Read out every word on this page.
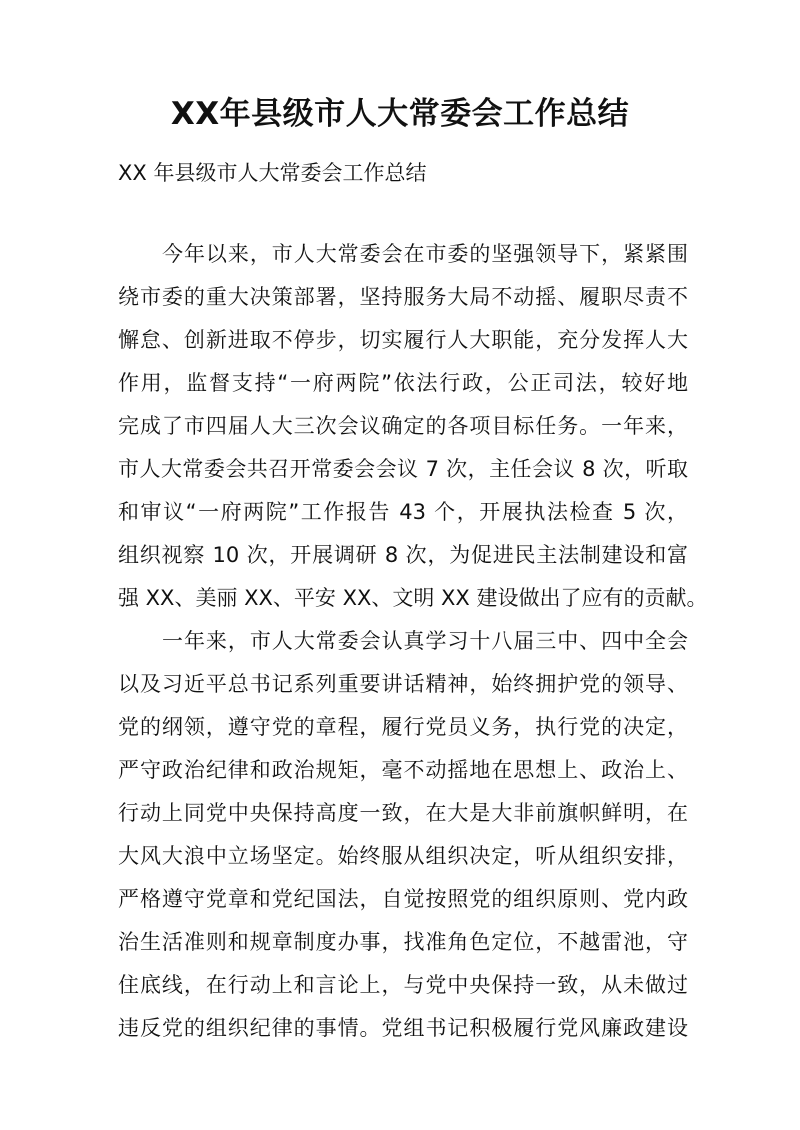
XX年县级市人大常委会工作总结

XX 年县级市人大常委会工作总结

今年以来，市人大常委会在市委的坚强领导下，紧紧围

绕市委的重大决策部署，坚持服务大局不动摇、履职尽责不

懈怠、创新进取不停步，切实履行人大职能，充分发挥人大

作用，监督支持“一府两院”依法行政，公正司法，较好地

完成了市四届人大三次会议确定的各项目标任务。一年来，

市人大常委会共召开常委会会议 7 次，主任会议 8 次，听取

和审议“一府两院”工作报告 43 个，开展执法检查 5 次，

组织视察 10 次，开展调研 8 次，为促进民主法制建设和富

强 XX、美丽 XX、平安 XX、文明 XX 建设做出了应有的贡献。

一年来，市人大常委会认真学习十八届三中、四中全会

以及习近平总书记系列重要讲话精神，始终拥护党的领导、

党的纲领，遵守党的章程，履行党员义务，执行党的决定，

严守政治纪律和政治规矩，毫不动摇地在思想上、政治上、

行动上同党中央保持高度一致，在大是大非前旗帜鲜明，在

大风大浪中立场坚定。始终服从组织决定，听从组织安排，

严格遵守党章和党纪国法，自觉按照党的组织原则、党内政

治生活准则和规章制度办事，找准角色定位，不越雷池，守

住底线，在行动上和言论上，与党中央保持一致，从未做过

违反党的组织纪律的事情。党组书记积极履行党风廉政建设
